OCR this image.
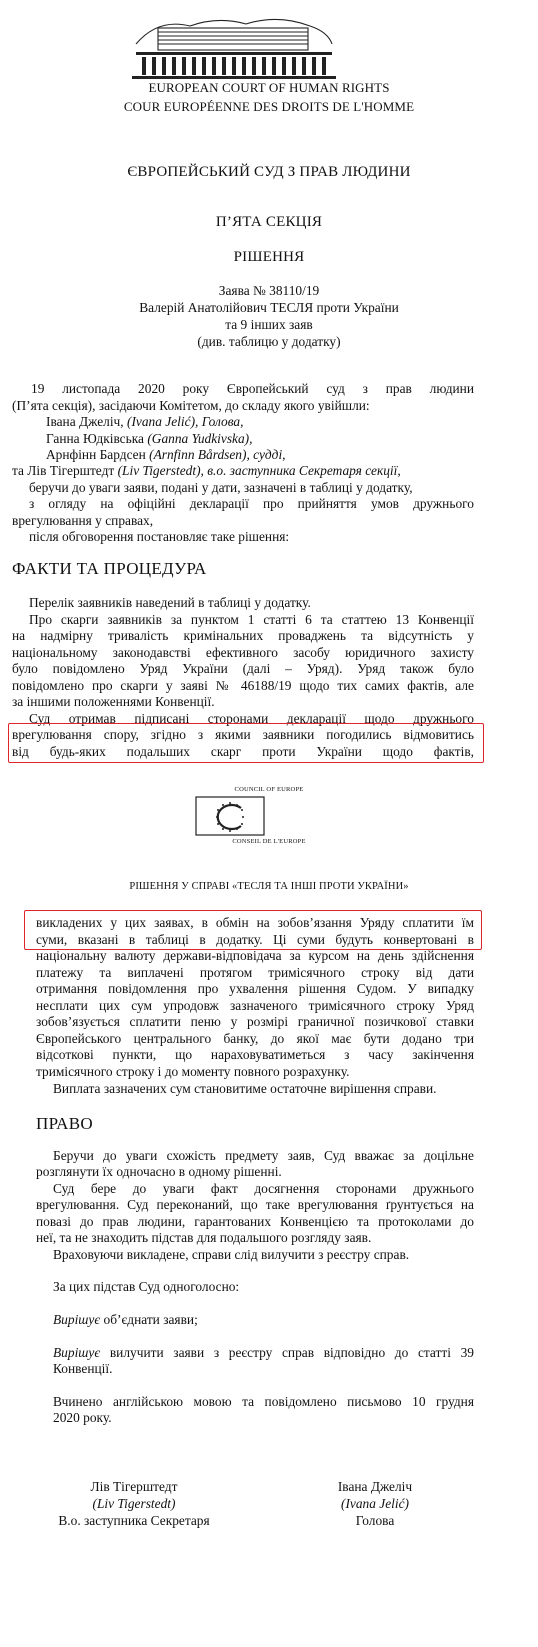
EUROPEAN COURT OF HUMAN RIGHTS
COUR EUROPÉENNE DES DROITS DE L'HOMME
ЄВРОПЕЙСЬКИЙ СУД З ПРАВ ЛЮДИНИ
П’ЯТА СЕКЦІЯ
РІШЕННЯ
Заява № 38110/19
Валерій Анатолійович ТЕСЛЯ проти України
та 9 інших заяв
(див. таблицю у додатку)
19 листопада 2020 року Європейський суд з прав людини
(П’ята секція), засідаючи Комітетом, до складу якого увійшли:
Івана Джеліч, (Ivana Jelić), Голова,
Ганна Юдківська (Ganna Yudkivska),
Арнфінн Бардсен (Arnfinn Bårdsen), судді,
та Лів Тігерштедт (Liv Tigerstedt), в.о. заступника Секретаря секції,
беручи до уваги заяви, подані у дати, зазначені в таблиці у додатку,
з огляду на офіційні декларації про прийняття умов дружнього
врегулювання у справах,
після обговорення постановляє таке рішення:
ФАКТИ ТА ПРОЦЕДУРА
Перелік заявників наведений в таблиці у додатку.
Про скарги заявників за пунктом 1 статті 6 та статтею 13 Конвенції
на надмірну тривалість кримінальних проваджень та відсутність у
національному законодавстві ефективного засобу юридичного захисту
було повідомлено Уряд України (далі – Уряд). Уряд також було
повідомлено про скарги у заяві № 46188/19 щодо тих самих фактів, але
за іншими положеннями Конвенції.
Суд отримав підписані сторонами декларації щодо дружнього
врегулювання спору, згідно з якими заявники погодились відмовитись
від будь-яких подальших скарг проти України щодо фактів,
COUNCIL OF EUROPE
CONSEIL DE L'EUROPE
РІШЕННЯ У СПРАВІ «ТЕСЛЯ ТА ІНШІ ПРОТИ УКРАЇНИ»
викладених у цих заявах, в обмін на зобов’язання Уряду сплатити їм
суми, вказані в таблиці в додатку. Ці суми будуть конвертовані в
національну валюту держави-відповідача за курсом на день здійснення
платежу та виплачені протягом тримісячного строку від дати
отримання повідомлення про ухвалення рішення Судом. У випадку
несплати цих сум упродовж зазначеного тримісячного строку Уряд
зобов’язується сплатити пеню у розмірі граничної позичкової ставки
Європейського центрального банку, до якої має бути додано три
відсоткові пункти, що нараховуватиметься з часу закінчення
тримісячного строку і до моменту повного розрахунку.
Виплата зазначених сум становитиме остаточне вирішення справи.
ПРАВО
Беручи до уваги схожість предмету заяв, Суд вважає за доцільне
розглянути їх одночасно в одному рішенні.
Суд бере до уваги факт досягнення сторонами дружнього
врегулювання. Суд переконаний, що таке врегулювання ґрунтується на
повазі до прав людини, гарантованих Конвенцією та протоколами до
неї, та не знаходить підстав для подальшого розгляду заяв.
Враховуючи викладене, справи слід вилучити з реєстру справ.
За цих підстав Суд одноголосно:
Вирішує об’єднати заяви;
Вирішує вилучити заяви з реєстру справ відповідно до статті 39
Конвенції.
Вчинено англійською мовою та повідомлено письмово 10 грудня
2020 року.
Лів Тігерштедт
(Liv Tigerstedt)
В.о. заступника Секретаря
Івана Джеліч
(Ivana Jelić)
Голова
